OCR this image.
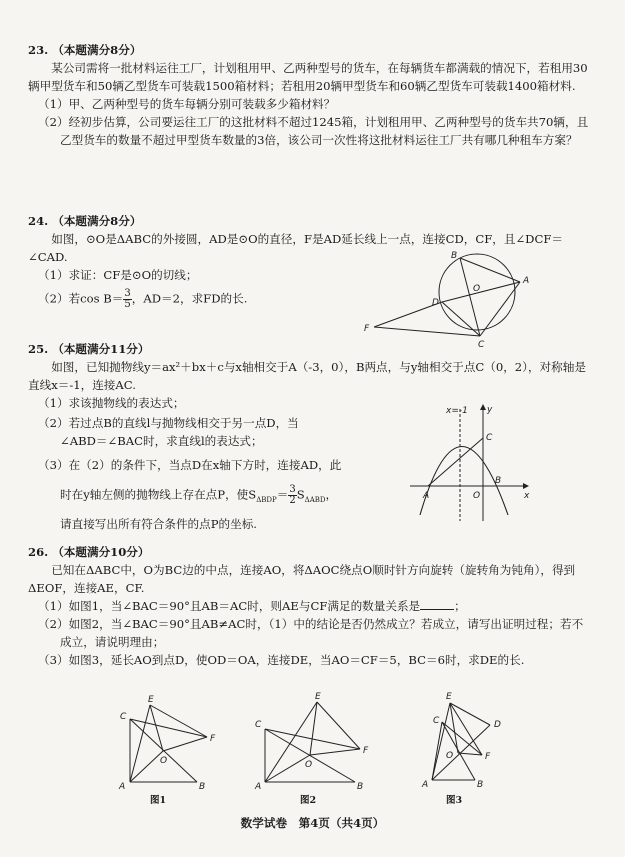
23. （本题满分8分）

某公司需将一批材料运往工厂，计划租用甲、乙两种型号的货车，在每辆货车都满载的情况下，若租用30辆甲型货车和50辆乙型货车可装载1500箱材料；若租用20辆甲型货车和60辆乙型货车可装载1400箱材料.

（1）甲、乙两种型号的货车每辆分别可装载多少箱材料？

（2）经初步估算，公司要运往工厂的这批材料不超过1245箱，计划租用甲、乙两种型号的货车共70辆，且乙型货车的数量不超过甲型货车数量的3倍，该公司一次性将这批材料运往工厂共有哪几种租车方案？

24. （本题满分8分）

如图，⊙O是ΔABC的外接圆，AD是⊙O的直径，F是AD延长线上一点，连接CD，CF，且∠DCF＝∠CAD.

（1）求证：CF是⊙O的切线；

（2）若$\cos B= \frac{3}{5}$ ，AD＝2，求FD的长.

B
O
A
D
F
C
25. （本题满分11分）

如图，已知抛物线y＝ax²＋bx＋c与x轴相交于A（-3，0），B两点，与y轴相交于点C（0，2），对称轴是直线x＝-1，连接AC.

（1）求该抛物线的表达式；

（2）若过点B的直线l与抛物线相交于另一点D，当

∠ABD＝∠BAC时，求直线l的表达式；

（3）在（2）的条件下，当点D在x轴下方时，连接AD，此

时在y轴左侧的抛物线上存在点P，使$S_{\Delta BDP}= \frac{3}{2} S_{\Delta ABD}$，

请直接写出所有符合条件的点P的坐标.

x=-1 y
C
A	O
B
x
26. （本题满分10分）

已知在ΔABC中，O为BC边的中点，连接AO，将ΔAOC绕点O顺时针方向旋转（旋转角为钝角），得到ΔEOF，连接AE，CF.

（1）如图1，当∠BAC＝90°且AB＝AC时，则AE与CF满足的数量关系是	；

（2）如图2，当∠BAC＝90°且AB≠AC时，（1）中的结论是否仍然成立？若成立，请写出证明过程；若不成立，请说明理由；

（3）如图3，延长AO到点D，使OD＝OA，连接DE，当AO＝CF＝5，BC＝6时，求DE的长.

E
C
F
O
A	B
图1
E
C
F
O
A	B
图2
E
D
C
O	F
A	B
图3
数学试卷　第4页（共4页）
